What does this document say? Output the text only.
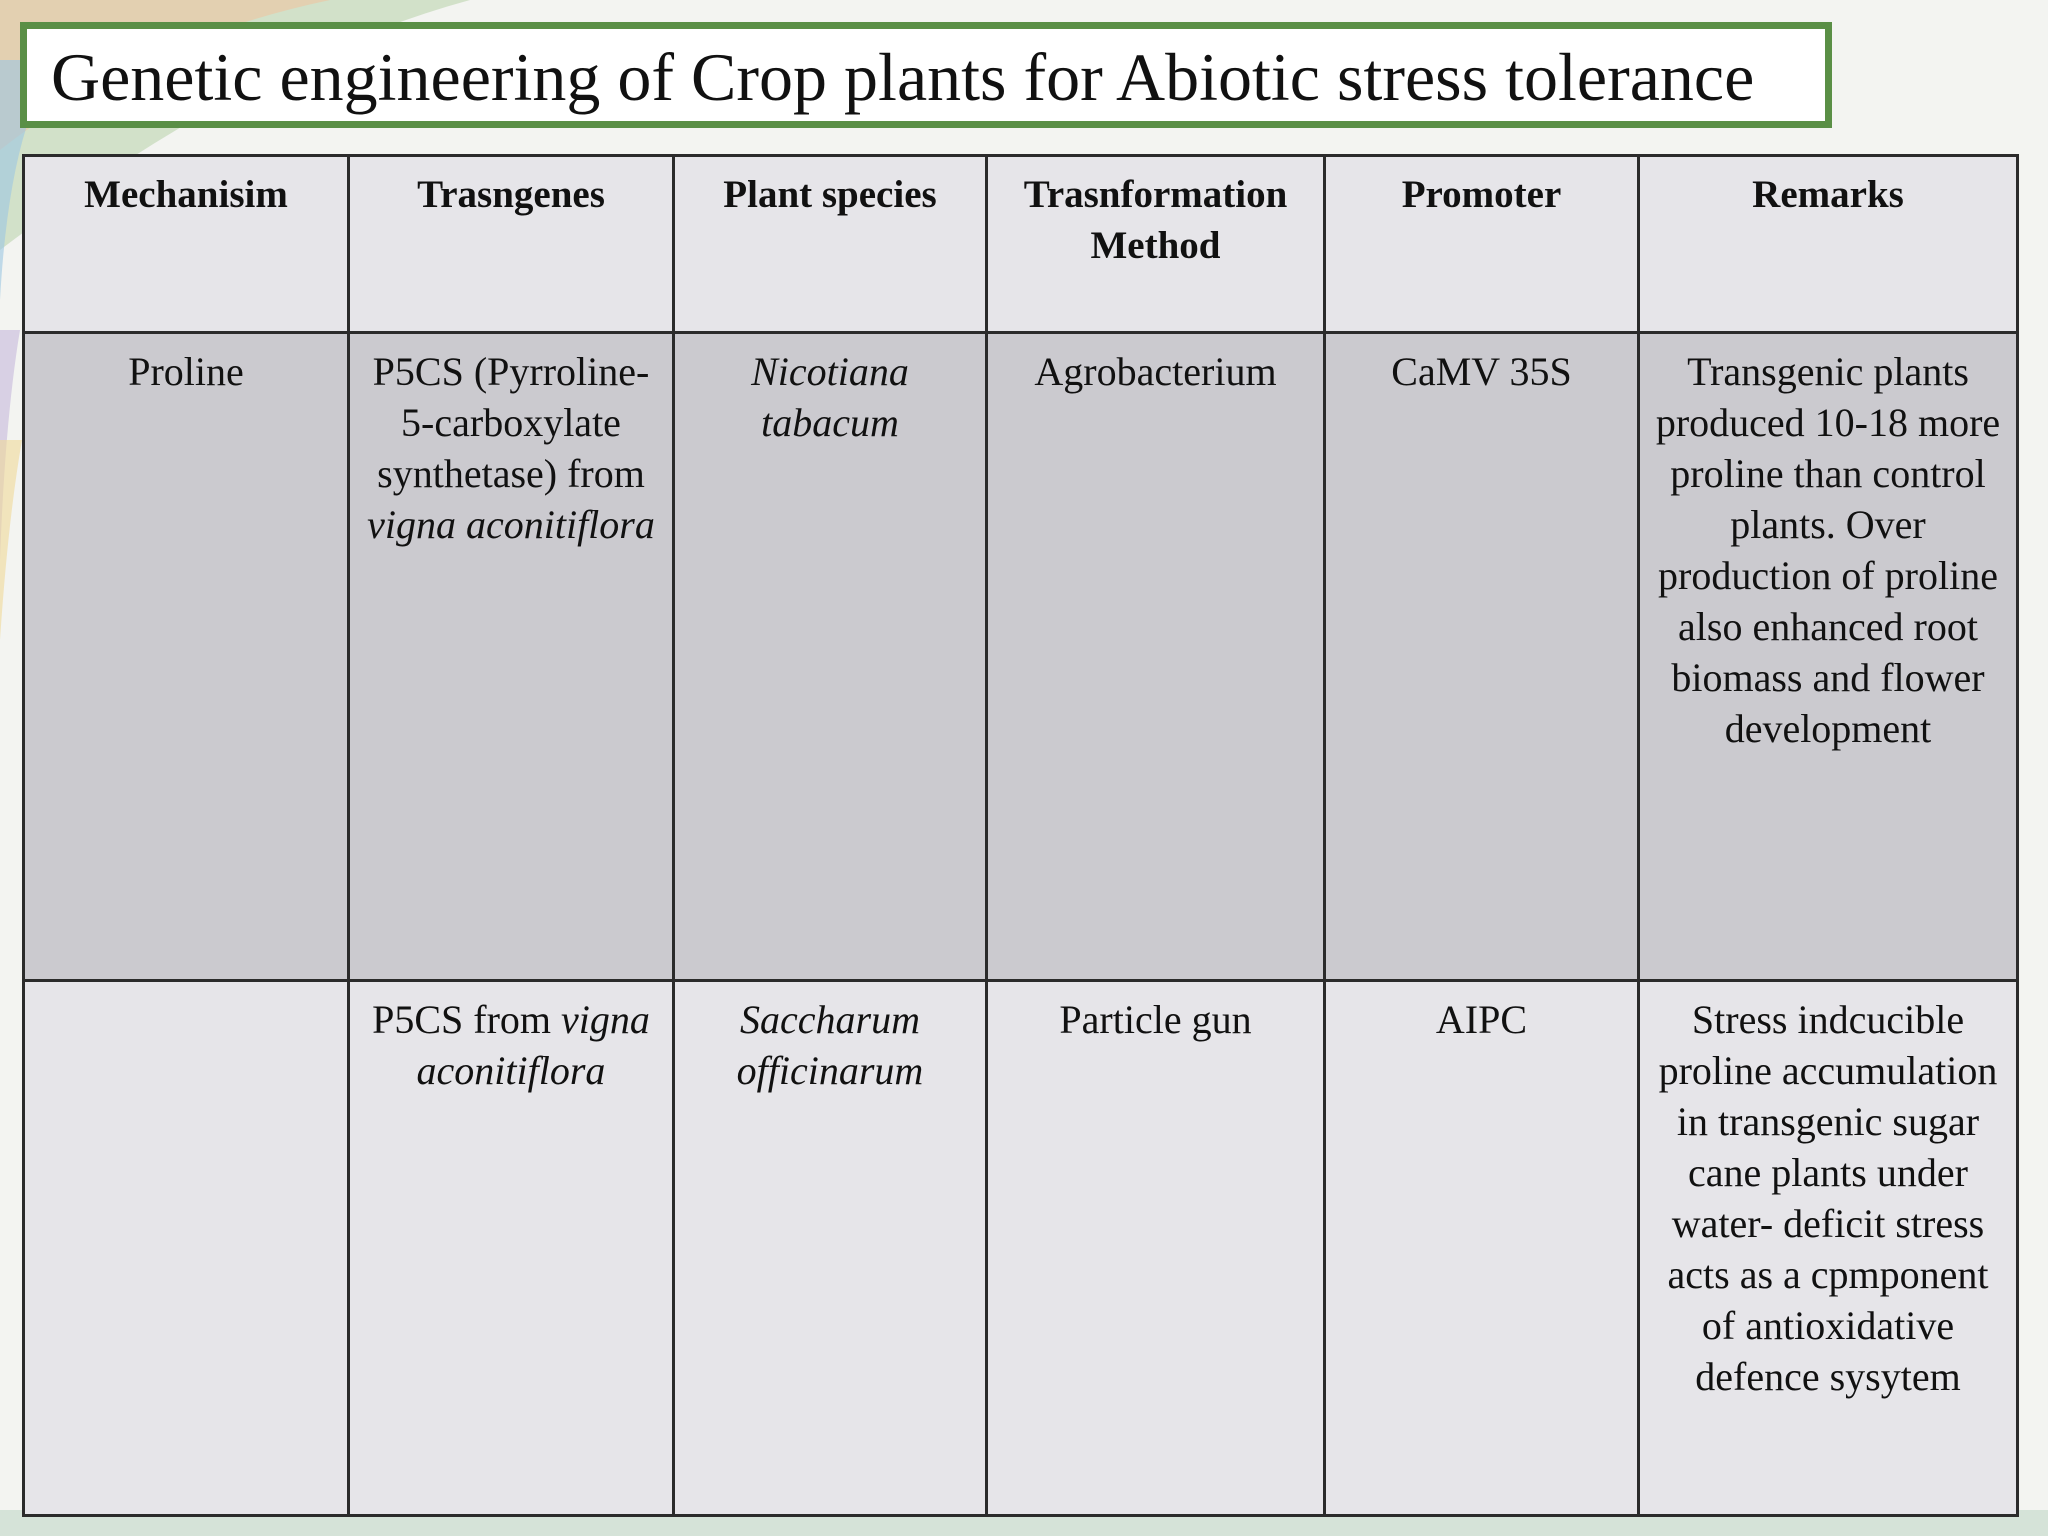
Genetic engineering of Crop plants for Abiotic stress tolerance
Mechanisim	Trasngenes	Plant species	Trasnformation Method	Promoter	Remarks
Proline	P5CS (Pyrroline-5-carboxylate synthetase) from vigna aconitiflora	Nicotiana tabacum	Agrobacterium	CaMV 35S	Transgenic plants produced 10-18 more proline than control plants. Over production of proline also enhanced root biomass and flower development
	P5CS from vigna aconitiflora	Saccharum officinarum	Particle gun	AIPC	Stress indcucible proline accumulation in transgenic sugar cane plants under water- deficit stress acts as a cpmponent of antioxidative defence sysytem
